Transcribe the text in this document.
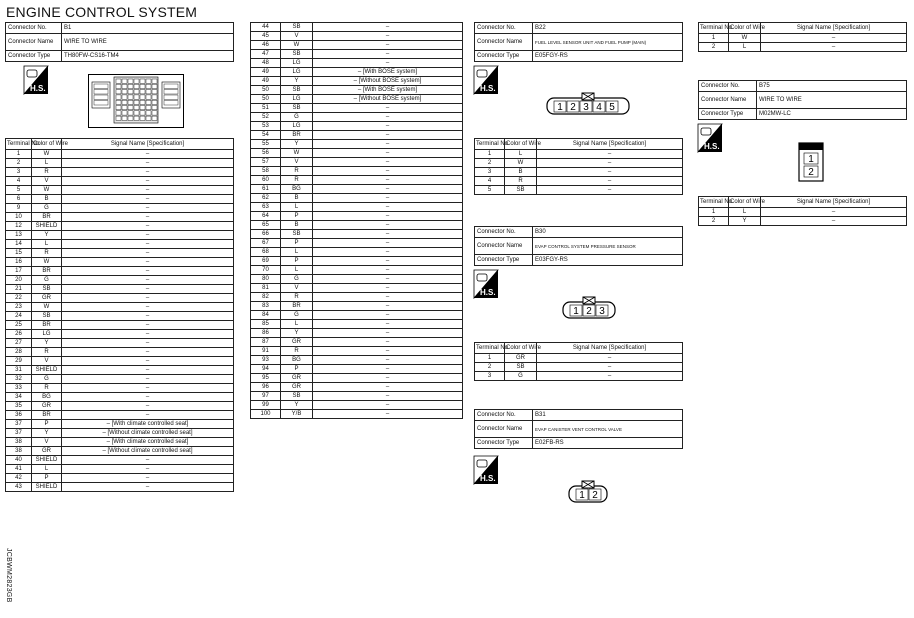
ENGINE CONTROL SYSTEM
JCBWM2823GB
Connector No.	B1
Connector Name	WIRE TO WIRE
Connector Type	TH80FW-CS16-TM4
H.S.
Terminal No.	Color of Wire	Signal Name [Specification]
1	W	–
2	L	–
3	R	–
4	V	–
5	W	–
6	B	–
9	G	–
10	BR	–
12	SHIELD	–
13	Y	–
14	L	–
15	R	–
16	W	–
17	BR	–
20	G	–
21	SB	–
22	GR	–
23	W	–
24	SB	–
25	BR	–
26	LG	–
27	Y	–
28	R	–
29	V	–
31	SHIELD	–
32	G	–
33	R	–
34	BG	–
35	GR	–
36	BR	–
37	P	– [With climate controlled seat]
37	Y	– [Without climate controlled seat]
38	V	– [With climate controlled seat]
38	GR	– [Without climate controlled seat]
40	SHIELD	–
41	L	–
42	P	–
43	SHIELD	–
44	SB	–
45	V	–
46	W	–
47	SB	–
48	LG	–
49	LG	– [With BOSE system]
49	Y	– [Without BOSE system]
50	SB	– [With BOSE system]
50	LG	– [Without BOSE system]
51	SB	–
52	G	–
53	LG	–
54	BR	–
55	Y	–
56	W	–
57	V	–
58	R	–
60	R	–
61	BG	–
62	B	–
63	L	–
64	P	–
65	B	–
66	SB	–
67	P	–
68	L	–
69	P	–
70	L	–
80	G	–
81	V	–
82	R	–
83	BR	–
84	G	–
85	L	–
86	Y	–
87	GR	–
91	R	–
93	BG	–
94	P	–
95	GR	–
96	GR	–
97	SB	–
99	Y	–
100	Y/B	–
Connector No.	B22
Connector Name	FUEL LEVEL SENSOR UNIT AND FUEL PUMP (MAIN)
Connector Type	E05FGY-RS
H.S.
1 2 3 4 5
Terminal No.	Color of Wire	Signal Name [Specification]
1	L	–
2	W	–
3	B	–
4	R	–
5	SB	–
Connector No.	B30
Connector Name	EVAP CONTROL SYSTEM PRESSURE SENSOR
Connector Type	E03FGY-RS
H.S.
1 2 3
Terminal No.	Color of Wire	Signal Name [Specification]
1	GR	–
2	SB	–
3	G	–
Connector No.	B31
Connector Name	EVAP CANISTER VENT CONTROL VALVE
Connector Type	E02FB-RS
H.S.
1 2
Terminal No.	Color of Wire	Signal Name [Specification]
1	W	–
2	L	–
Connector No.	B75
Connector Name	WIRE TO WIRE
Connector Type	M02MW-LC
H.S.
1
2
Terminal No.	Color of Wire	Signal Name [Specification]
1	L	–
2	Y	–
